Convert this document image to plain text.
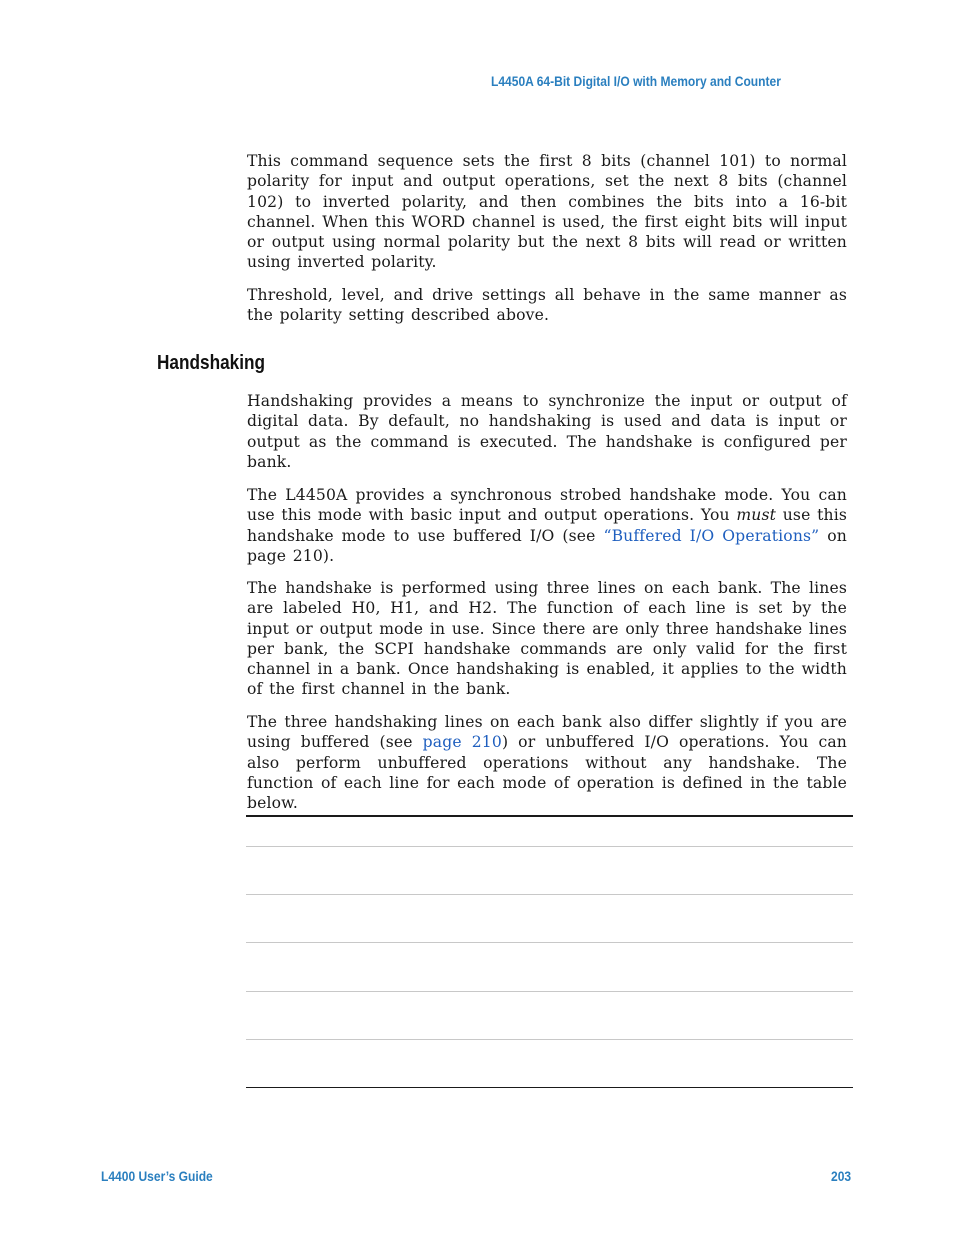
L4450A 64-Bit Digital I/O with Memory and Counter

This command sequence sets the first 8 bits (channel 101) to normal polarity for input and output operations, set the next 8 bits (channel 102) to inverted polarity, and then combines the bits into a 16-bit channel. When this WORD channel is used, the first eight bits will input or output using normal polarity but the next 8 bits will read or written using inverted polarity.

Threshold, level, and drive settings all behave in the same manner as the polarity setting described above.

Handshaking

Handshaking provides a means to synchronize the input or output of digital data. By default, no handshaking is used and data is input or output as the command is executed. The handshake is configured per bank.

The L4450A provides a synchronous strobed handshake mode. You can use this mode with basic input and output operations. You must use this handshake mode to use buffered I/O (see “Buffered I/O Operations” on page 210).

The handshake is performed using three lines on each bank. The lines are labeled H0, H1, and H2. The function of each line is set by the input or output mode in use. Since there are only three handshake lines per bank, the SCPI handshake commands are only valid for the first channel in a bank. Once handshaking is enabled, it applies to the width of the first channel in the bank.

The three handshaking lines on each bank also differ slightly if you are using buffered (see page 210) or unbuffered I/O operations. You can also perform unbuffered operations without any handshake. The function of each line for each mode of operation is defined in the table below.

L4400 User’s Guide	203
